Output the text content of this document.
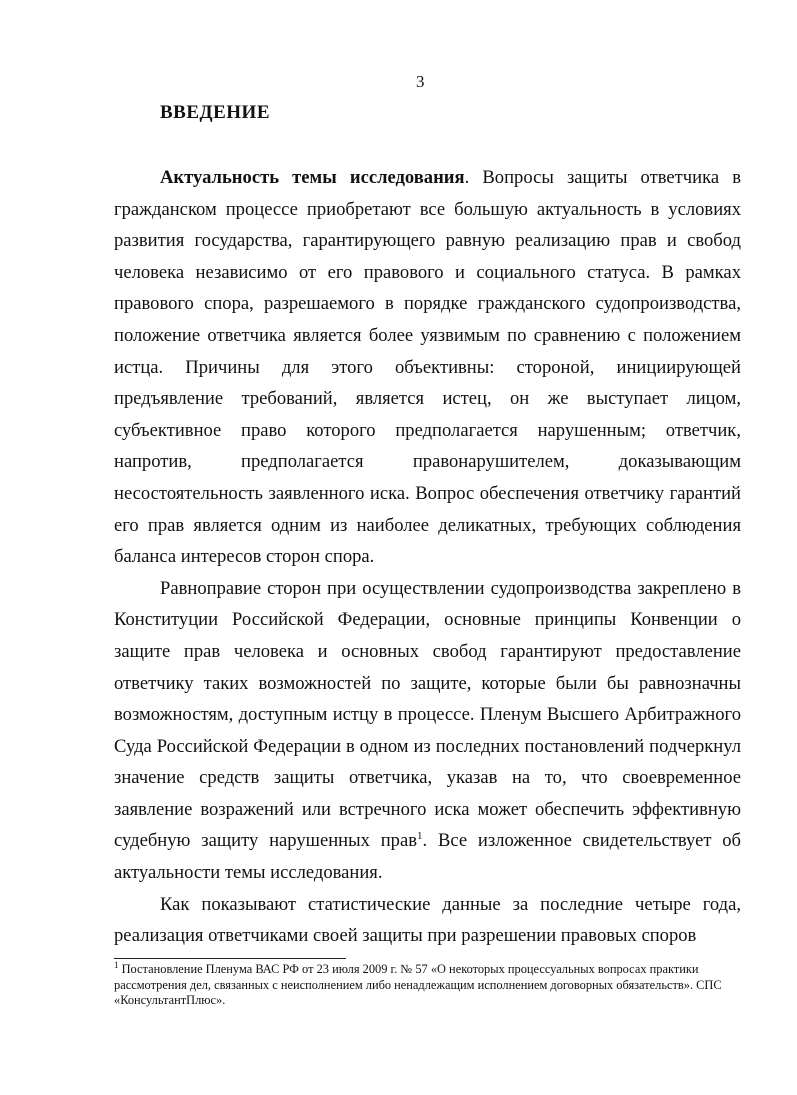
3
ВВЕДЕНИЕ

Актуальность темы исследования. Вопросы защиты ответчика в гражданском процессе приобретают все большую актуальность в условиях развития государства, гарантирующего равную реализацию прав и свобод человека независимо от его правового и социального статуса. В рамках правового спора, разрешаемого в порядке гражданского судопроизводства, положение ответчика является более уязвимым по сравнению с положением истца. Причины для этого объективны: стороной, инициирующей предъявление требований, является истец, он же выступает лицом, субъективное право которого предполагается нарушенным; ответчик, напротив, предполагается правонарушителем, доказывающим несостоятельность заявленного иска. Вопрос обеспечения ответчику гарантий его прав является одним из наиболее деликатных, требующих соблюдения баланса интересов сторон спора.

Равноправие сторон при осуществлении судопроизводства закреплено в Конституции Российской Федерации, основные принципы Конвенции о защите прав человека и основных свобод гарантируют предоставление ответчику таких возможностей по защите, которые были бы равнозначны возможностям, доступным истцу в процессе. Пленум Высшего Арбитражного Суда Российской Федерации в одном из последних постановлений подчеркнул значение средств защиты ответчика, указав на то, что своевременное заявление возражений или встречного иска может обеспечить эффективную судебную защиту нарушенных прав$^1$. Все изложенное свидетельствует об актуальности темы исследования.

Как показывают статистические данные за последние четыре года, реализация ответчиками своей защиты при разрешении правовых споров

$^1$ Постановление Пленума ВАС РФ от 23 июля 2009 г. № 57 «О некоторых процессуальных вопросах практики рассмотрения дел, связанных с неисполнением либо ненадлежащим исполнением договорных обязательств». СПС «КонсультантПлюс».
